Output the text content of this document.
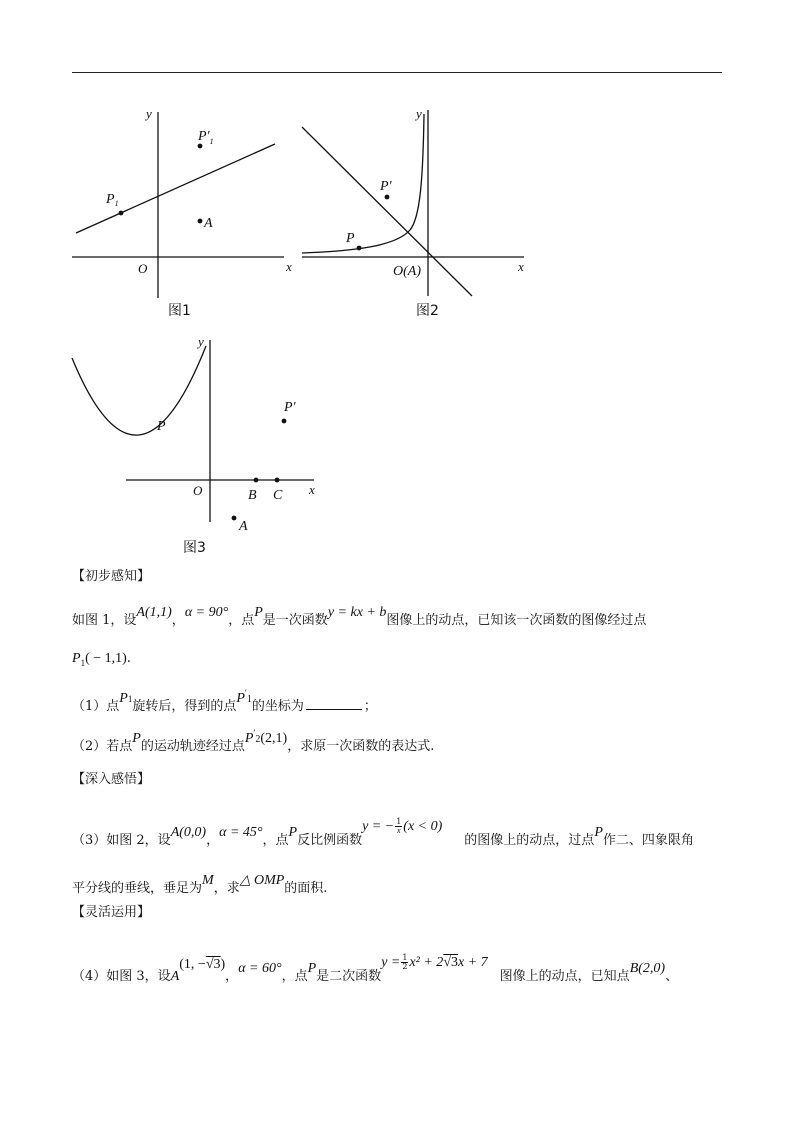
y
x
O
$P_1$
$P'_1$
A
图1
y
x
O(A)
P
P′
图2
y
x
O
P
P′
B C
A
图3
【初步感知】
如图 1，设A(1,1)，α = 90°，点P是一次函数y = kx + b图像上的动点，已知该一次函数的图像经过点
$P_1( - 1,1)$.
（1）点P1旋转后，得到的点P′1的坐标为	；
（2）若点P的运动轨迹经过点P′2(2,1)，求原一次函数的表达式.
【深入感悟】
（3）如图 2，设A(0,0)，α = 45°，点P反比例函数y = − $\frac{1}{x} (x < 0)$的图像上的动点，过点P作二、四象限角
平分线的垂线，垂足为M，求△ OMP的面积.
【灵活运用】
（4）如图 3，设A(1, −√3)，α = 60°，点P是二次函数$y = \frac{1}{2} x^2 + 2√3x + 7$图像上的动点，已知点B(2,0)、
